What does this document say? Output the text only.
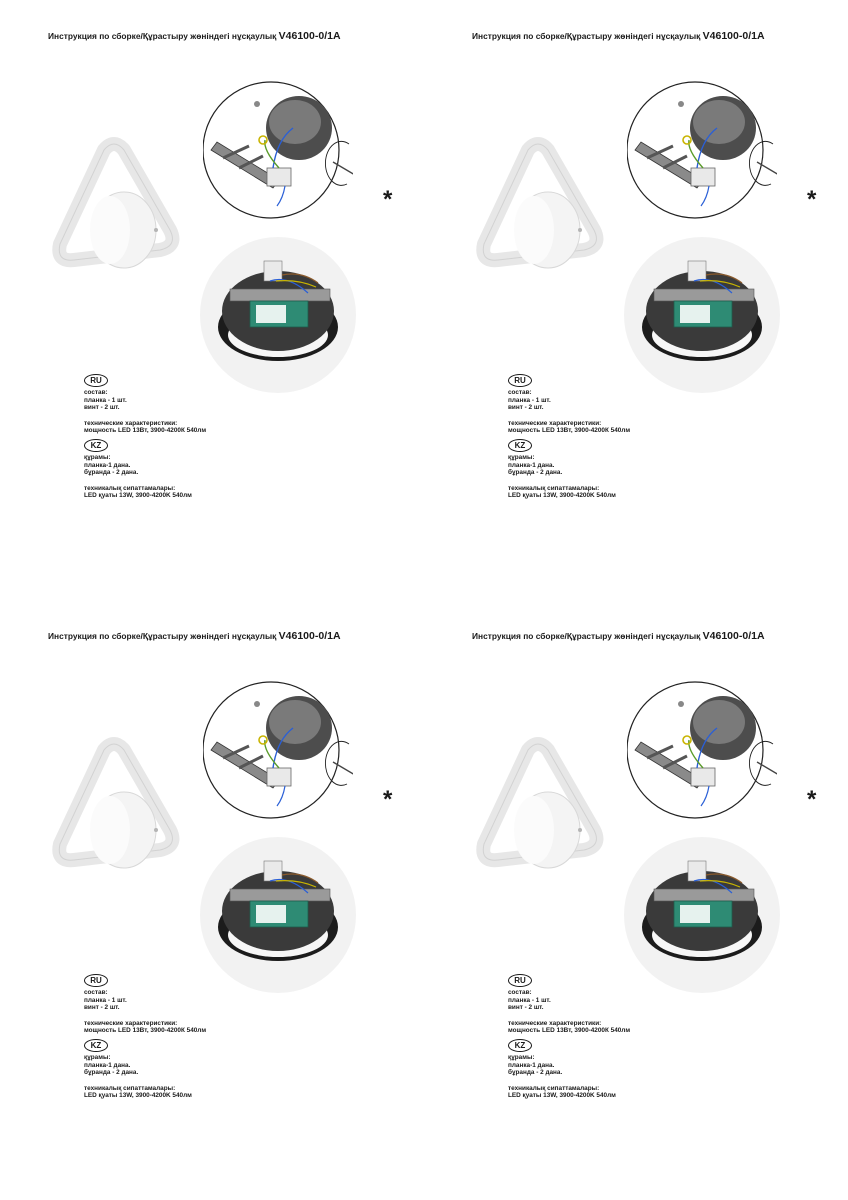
Инструкция по сборке/Құрастыру жөніндегі нұсқаулық V46100-0/1A
*
RU
состав:
планка - 1 шт.
винт - 2 шт.
технические характеристики:
мощность LED 13Вт, 3900-4200К 540лм
KZ
құрамы:
планка-1 дана.
бұранда - 2 дана.
техникалық сипаттамалары:
LED қуаты 13W, 3900-4200K 540лм
Инструкция по сборке/Құрастыру жөніндегі нұсқаулық V46100-0/1A
*
RU
состав:
планка - 1 шт.
винт - 2 шт.
технические характеристики:
мощность LED 13Вт, 3900-4200К 540лм
KZ
құрамы:
планка-1 дана.
бұранда - 2 дана.
техникалық сипаттамалары:
LED қуаты 13W, 3900-4200K 540лм
Инструкция по сборке/Құрастыру жөніндегі нұсқаулық V46100-0/1A
*
RU
состав:
планка - 1 шт.
винт - 2 шт.
технические характеристики:
мощность LED 13Вт, 3900-4200К 540лм
KZ
құрамы:
планка-1 дана.
бұранда - 2 дана.
техникалық сипаттамалары:
LED қуаты 13W, 3900-4200K 540лм
Инструкция по сборке/Құрастыру жөніндегі нұсқаулық V46100-0/1A
*
RU
состав:
планка - 1 шт.
винт - 2 шт.
технические характеристики:
мощность LED 13Вт, 3900-4200К 540лм
KZ
құрамы:
планка-1 дана.
бұранда - 2 дана.
техникалық сипаттамалары:
LED қуаты 13W, 3900-4200K 540лм
